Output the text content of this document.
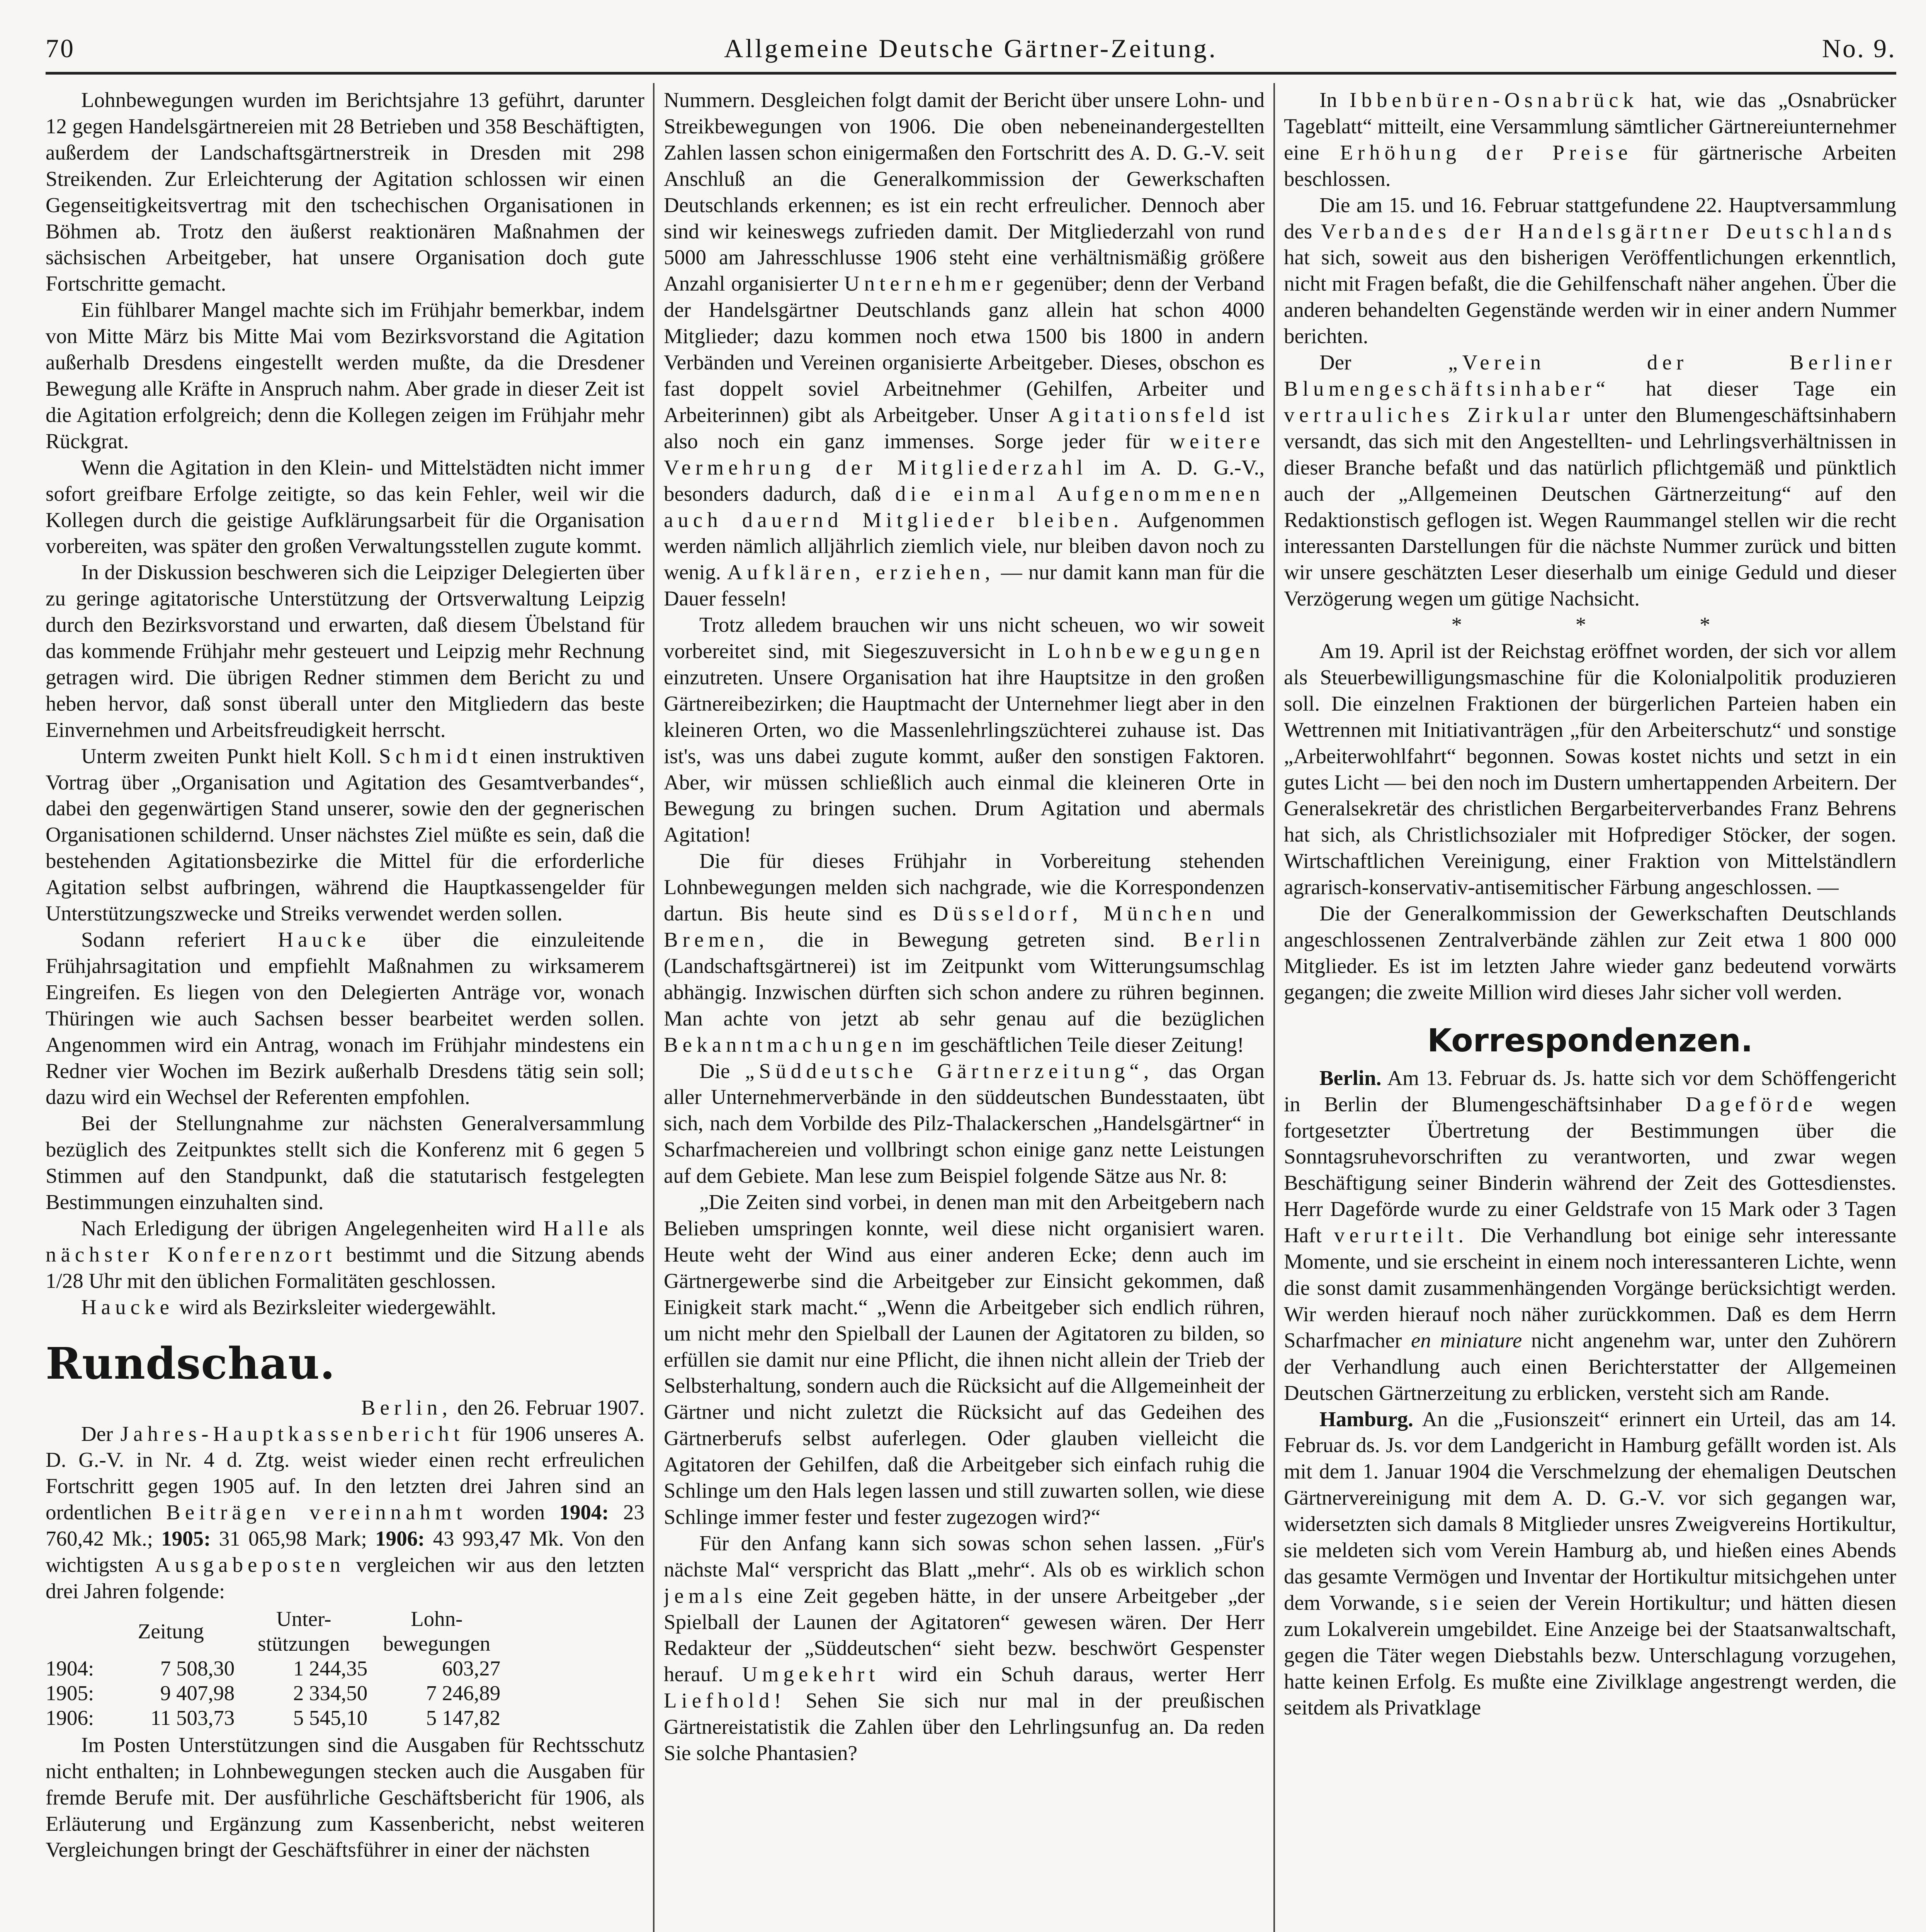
70	Allgemeine Deutsche Gärtner-Zeitung.	No. 9.

Lohnbewegungen wurden im Berichtsjahre 13 geführt, darunter 12 gegen Handelsgärtnereien mit 28 Betrieben und 358 Beschäftigten, außerdem der Landschaftsgärtnerstreik in Dresden mit 298 Streikenden. Zur Erleichterung der Agitation schlossen wir einen Gegenseitigkeitsvertrag mit den tschechischen Organisationen in Böhmen ab. Trotz den äußerst reaktionären Maßnahmen der sächsischen Arbeitgeber, hat unsere Organisation doch gute Fortschritte gemacht.

Ein fühlbarer Mangel machte sich im Frühjahr bemerkbar, indem von Mitte März bis Mitte Mai vom Bezirksvorstand die Agitation außerhalb Dresdens eingestellt werden mußte, da die Dresdener Bewegung alle Kräfte in Anspruch nahm. Aber grade in dieser Zeit ist die Agitation erfolgreich; denn die Kollegen zeigen im Frühjahr mehr Rückgrat.

Wenn die Agitation in den Klein- und Mittelstädten nicht immer sofort greifbare Erfolge zeitigte, so das kein Fehler, weil wir die Kollegen durch die geistige Aufklärungsarbeit für die Organisation vorbereiten, was später den großen Verwaltungsstellen zugute kommt.

In der Diskussion beschweren sich die Leipziger Delegierten über zu geringe agitatorische Unterstützung der Ortsverwaltung Leipzig durch den Bezirksvorstand und erwarten, daß diesem Übelstand für das kommende Frühjahr mehr gesteuert und Leipzig mehr Rechnung getragen wird. Die übrigen Redner stimmen dem Bericht zu und heben hervor, daß sonst überall unter den Mitgliedern das beste Einvernehmen und Arbeitsfreudigkeit herrscht.

Unterm zweiten Punkt hielt Koll. Schmidt einen instruktiven Vortrag über „Organisation und Agitation des Gesamtverbandes“, dabei den gegenwärtigen Stand unserer, sowie den der gegnerischen Organisationen schildernd. Unser nächstes Ziel müßte es sein, daß die bestehenden Agitationsbezirke die Mittel für die erforderliche Agitation selbst aufbringen, während die Hauptkassengelder für Unterstützungszwecke und Streiks verwendet werden sollen.

Sodann referiert Haucke über die einzuleitende Frühjahrsagitation und empfiehlt Maßnahmen zu wirksamerem Eingreifen. Es liegen von den Delegierten Anträge vor, wonach Thüringen wie auch Sachsen besser bearbeitet werden sollen. Angenommen wird ein Antrag, wonach im Frühjahr mindestens ein Redner vier Wochen im Bezirk außerhalb Dresdens tätig sein soll; dazu wird ein Wechsel der Referenten empfohlen.

Bei der Stellungnahme zur nächsten Generalversammlung bezüglich des Zeitpunktes stellt sich die Konferenz mit 6 gegen 5 Stimmen auf den Standpunkt, daß die statutarisch festgelegten Bestimmungen einzuhalten sind.

Nach Erledigung der übrigen Angelegenheiten wird Halle als nächster Konferenzort bestimmt und die Sitzung abends 1/28 Uhr mit den üblichen Formalitäten geschlossen.

Haucke wird als Bezirksleiter wiedergewählt.

Rundschau.

Berlin, den 26. Februar 1907.

Der Jahres-Hauptkassenbericht für 1906 unseres A. D. G.-V. in Nr. 4 d. Ztg. weist wieder einen recht erfreulichen Fortschritt gegen 1905 auf. In den letzten drei Jahren sind an ordentlichen Beiträgen vereinnahmt worden 1904: 23 760,42 Mk.; 1905: 31 065,98 Mark; 1906: 43 993,47 Mk. Von den wichtigsten Ausgabeposten vergleichen wir aus den letzten drei Jahren folgende:

	Zeitung	Unter-stützungen	Lohn-bewegungen
1904:	7 508,30	1 244,35	603,27
1905:	9 407,98	2 334,50	7 246,89
1906:	11 503,73	5 545,10	5 147,82

Im Posten Unterstützungen sind die Ausgaben für Rechtsschutz nicht enthalten; in Lohnbewegungen stecken auch die Ausgaben für fremde Berufe mit. Der ausführliche Geschäftsbericht für 1906, als Erläuterung und Ergänzung zum Kassenbericht, nebst weiteren Vergleichungen bringt der Geschäftsführer in einer der nächsten

Nummern. Desgleichen folgt damit der Bericht über unsere Lohn- und Streikbewegungen von 1906. Die oben nebeneinandergestellten Zahlen lassen schon einigermaßen den Fortschritt des A. D. G.-V. seit Anschluß an die Generalkommission der Gewerkschaften Deutschlands erkennen; es ist ein recht erfreulicher. Dennoch aber sind wir keineswegs zufrieden damit. Der Mitgliederzahl von rund 5000 am Jahresschlusse 1906 steht eine verhältnismäßig größere Anzahl organisierter Unternehmer gegenüber; denn der Verband der Handelsgärtner Deutschlands ganz allein hat schon 4000 Mitglieder; dazu kommen noch etwa 1500 bis 1800 in andern Verbänden und Vereinen organisierte Arbeitgeber. Dieses, obschon es fast doppelt soviel Arbeitnehmer (Gehilfen, Arbeiter und Arbeiterinnen) gibt als Arbeitgeber. Unser Agitationsfeld ist also noch ein ganz immenses. Sorge jeder für weitere Vermehrung der Mitgliederzahl im A. D. G.-V., besonders dadurch, daß die einmal Aufgenommenen auch dauernd Mitglieder bleiben. Aufgenommen werden nämlich alljährlich ziemlich viele, nur bleiben davon noch zu wenig. Aufklären, erziehen, — nur damit kann man für die Dauer fesseln!

Trotz alledem brauchen wir uns nicht scheuen, wo wir soweit vorbereitet sind, mit Siegeszuversicht in Lohnbewegungen einzutreten. Unsere Organisation hat ihre Hauptsitze in den großen Gärtnereibezirken; die Hauptmacht der Unternehmer liegt aber in den kleineren Orten, wo die Massenlehrlingszüchterei zuhause ist. Das ist's, was uns dabei zugute kommt, außer den sonstigen Faktoren. Aber, wir müssen schließlich auch einmal die kleineren Orte in Bewegung zu bringen suchen. Drum Agitation und abermals Agitation!

Die für dieses Frühjahr in Vorbereitung stehenden Lohnbewegungen melden sich nachgrade, wie die Korrespondenzen dartun. Bis heute sind es Düsseldorf, München und Bremen, die in Bewegung getreten sind. Berlin (Landschaftsgärtnerei) ist im Zeitpunkt vom Witterungsumschlag abhängig. Inzwischen dürften sich schon andere zu rühren beginnen. Man achte von jetzt ab sehr genau auf die bezüglichen Bekanntmachungen im geschäftlichen Teile dieser Zeitung!

Die „Süddeutsche Gärtnerzeitung“, das Organ aller Unternehmerverbände in den süddeutschen Bundesstaaten, übt sich, nach dem Vorbilde des Pilz-Thalackerschen „Handelsgärtner“ in Scharfmachereien und vollbringt schon einige ganz nette Leistungen auf dem Gebiete. Man lese zum Beispiel folgende Sätze aus Nr. 8:

„Die Zeiten sind vorbei, in denen man mit den Arbeitgebern nach Belieben umspringen konnte, weil diese nicht organisiert waren. Heute weht der Wind aus einer anderen Ecke; denn auch im Gärtnergewerbe sind die Arbeitgeber zur Einsicht gekommen, daß Einigkeit stark macht.“ „Wenn die Arbeitgeber sich endlich rühren, um nicht mehr den Spielball der Launen der Agitatoren zu bilden, so erfüllen sie damit nur eine Pflicht, die ihnen nicht allein der Trieb der Selbsterhaltung, sondern auch die Rücksicht auf die Allgemeinheit der Gärtner und nicht zuletzt die Rücksicht auf das Gedeihen des Gärtnerberufs selbst auferlegen. Oder glauben vielleicht die Agitatoren der Gehilfen, daß die Arbeitgeber sich einfach ruhig die Schlinge um den Hals legen lassen und still zuwarten sollen, wie diese Schlinge immer fester und fester zugezogen wird?“

Für den Anfang kann sich sowas schon sehen lassen. „Für's nächste Mal“ verspricht das Blatt „mehr“. Als ob es wirklich schon jemals eine Zeit gegeben hätte, in der unsere Arbeitgeber „der Spielball der Launen der Agitatoren“ gewesen wären. Der Herr Redakteur der „Süddeutschen“ sieht bezw. beschwört Gespenster herauf. Umgekehrt wird ein Schuh daraus, werter Herr Liefhold! Sehen Sie sich nur mal in der preußischen Gärtnereistatistik die Zahlen über den Lehrlingsunfug an. Da reden Sie solche Phantasien?

In Ibbenbüren-Osnabrück hat, wie das „Osnabrücker Tageblatt“ mitteilt, eine Versammlung sämtlicher Gärtnereiunternehmer eine Erhöhung der Preise für gärtnerische Arbeiten beschlossen.

Die am 15. und 16. Februar stattgefundene 22. Hauptversammlung des Verbandes der Handelsgärtner Deutschlands hat sich, soweit aus den bisherigen Veröffentlichungen erkenntlich, nicht mit Fragen befaßt, die die Gehilfenschaft näher angehen. Über die anderen behandelten Gegenstände werden wir in einer andern Nummer berichten.

Der	„Verein der Berliner Blumengeschäftsinhaber“ hat dieser Tage ein vertrauliches Zirkular unter den Blumengeschäftsinhabern versandt, das sich mit den Angestellten- und Lehrlingsverhältnissen in dieser Branche befaßt und das natürlich pflichtgemäß und pünktlich auch der „Allgemeinen Deutschen Gärtnerzeitung“ auf den Redaktionstisch geflogen ist. Wegen Raummangel stellen wir die recht interessanten Darstellungen für die nächste Nummer zurück und bitten wir unsere geschätzten Leser dieserhalb um einige Geduld und dieser Verzögerung wegen um gütige Nachsicht.

* * *

Am 19. April ist der Reichstag eröffnet worden, der sich vor allem als Steuerbewilligungsmaschine für die Kolonialpolitik produzieren soll. Die einzelnen Fraktionen der bürgerlichen Parteien haben ein Wettrennen mit Initiativanträgen „für den Arbeiterschutz“ und sonstige „Arbeiterwohlfahrt“ begonnen. Sowas kostet nichts und setzt in ein gutes Licht — bei den noch im Dustern umhertappenden Arbeitern. Der Generalsekretär des christlichen Bergarbeiterverbandes Franz Behrens hat sich, als Christlichsozialer mit Hofprediger Stöcker, der sogen. Wirtschaftlichen Vereinigung, einer Fraktion von Mittelständlern agrarisch-konservativ-antisemitischer Färbung angeschlossen. —

Die der Generalkommission der Gewerkschaften Deutschlands angeschlossenen Zentralverbände zählen zur Zeit etwa 1 800 000 Mitglieder. Es ist im letzten Jahre wieder ganz bedeutend vorwärts gegangen; die zweite Million wird dieses Jahr sicher voll werden.

Korrespondenzen.

Berlin. Am 13. Februar ds. Js. hatte sich vor dem Schöffengericht in Berlin der Blumengeschäftsinhaber Dageförde wegen fortgesetzter Übertretung der Bestimmungen über die Sonntagsruhevorschriften zu verantworten, und zwar wegen Beschäftigung seiner Binderin während der Zeit des Gottesdienstes. Herr Dageförde wurde zu einer Geldstrafe von 15 Mark oder 3 Tagen Haft verurteilt. Die Verhandlung bot einige sehr interessante Momente, und sie erscheint in einem noch interessanteren Lichte, wenn die sonst damit zusammenhängenden Vorgänge berücksichtigt werden. Wir werden hierauf noch näher zurückkommen. Daß es dem Herrn Scharfmacher en miniature nicht angenehm war, unter den Zuhörern der Verhandlung auch einen Berichterstatter der Allgemeinen Deutschen Gärtnerzeitung zu erblicken, versteht sich am Rande.

Hamburg. An die „Fusionszeit“ erinnert ein Urteil, das am 14. Februar ds. Js. vor dem Landgericht in Hamburg gefällt worden ist. Als mit dem 1. Januar 1904 die Verschmelzung der ehemaligen Deutschen Gärtnervereinigung mit dem A. D. G.-V. vor sich gegangen war, widersetzten sich damals 8 Mitglieder unsres Zweigvereins Hortikultur, sie meldeten sich vom Verein Hamburg ab, und hießen eines Abends das gesamte Vermögen und Inventar der Hortikultur mitsichgehen unter dem Vorwande, sie seien der Verein Hortikultur; und hätten diesen zum Lokalverein umgebildet. Eine Anzeige bei der Staatsanwaltschaft, gegen die Täter wegen Diebstahls bezw. Unterschlagung vorzugehen, hatte keinen Erfolg. Es mußte eine Zivilklage angestrengt werden, die seitdem als Privatklage
